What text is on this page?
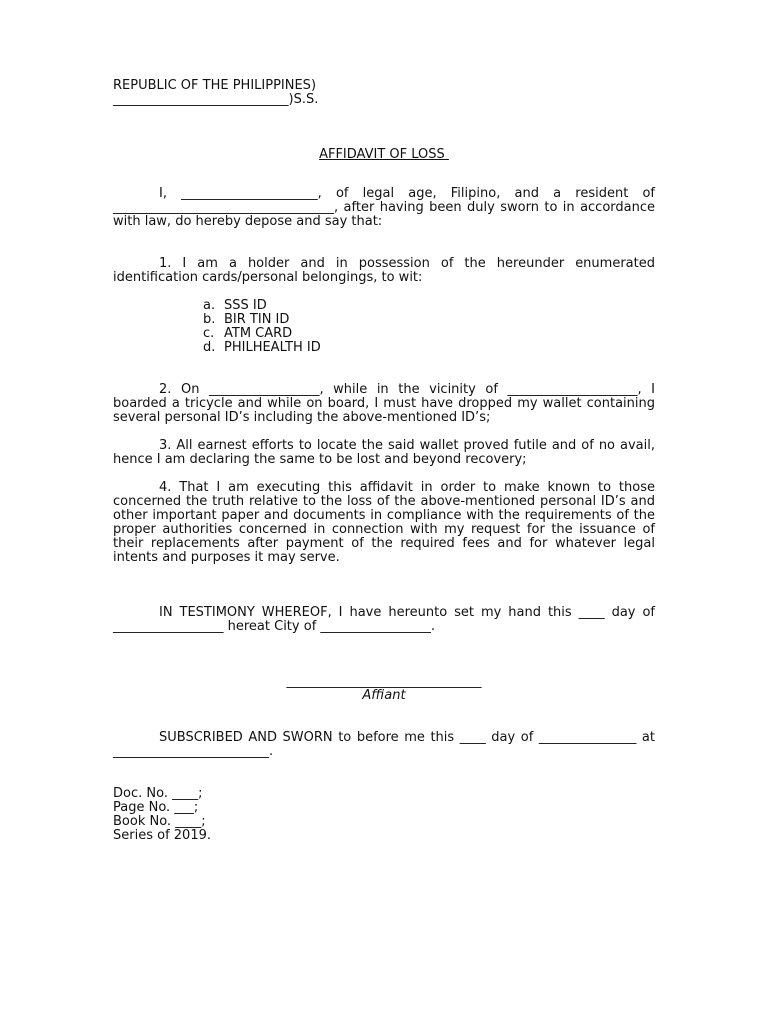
REPUBLIC OF THE PHILIPPINES)

___________________________)S.S.

AFFIDAVIT OF LOSS

I, _____________________, of legal age, Filipino, and a resident of __________________________________, after having been duly sworn to in accordance with law, do hereby depose and say that:

1. I am a holder and in possession of the hereunder enumerated identification cards/personal belongings, to wit:

a. SSS ID
b. BIR TIN ID
c. ATM CARD
d. PHILHEALTH ID

2. On _________________, while in the vicinity of ____________________, I boarded a tricycle and while on board, I must have dropped my wallet containing several personal ID’s including the above-mentioned ID’s;

3. All earnest efforts to locate the said wallet proved futile and of no avail, hence I am declaring the same to be lost and beyond recovery;

4. That I am executing this affidavit in order to make known to those concerned the truth relative to the loss of the above-mentioned personal ID’s and other important paper and documents in compliance with the requirements of the proper authorities concerned in connection with my request for the issuance of their replacements after payment of the required fees and for whatever legal intents and purposes it may serve.

IN TESTIMONY WHEREOF, I have hereunto set my hand this ____ day of _________________ hereat City of _________________.

______________________________

Affiant

SUBSCRIBED AND SWORN to before me this ____ day of _______________ at ________________________.

Doc. No. ____;

Page No. ___;

Book No. ____;

Series of 2019.
